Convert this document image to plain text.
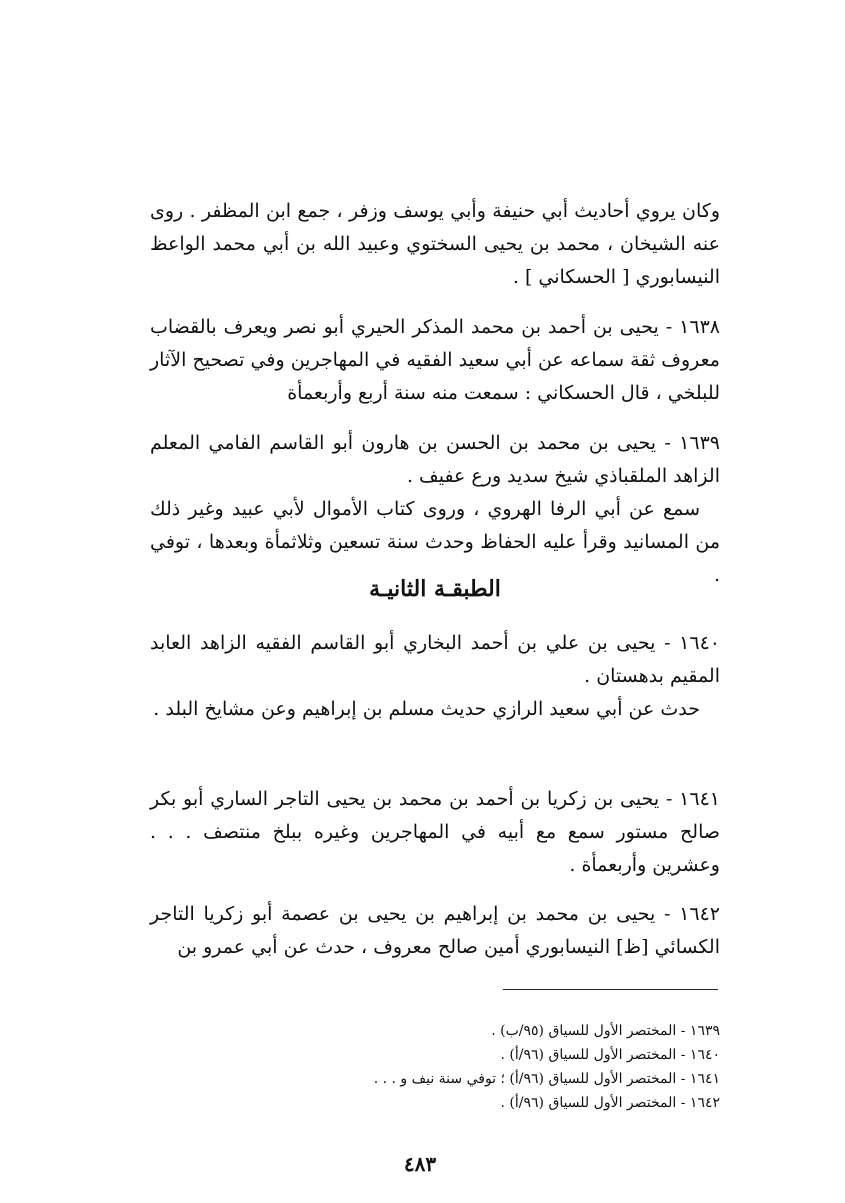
وكان يروي أحاديث أبي حنيفة وأبي يوسف وزفر ، جمع ابن المظفر . روى عنه الشيخان ، محمد بن يحيى السختوي وعبيد الله بن أبي محمد الواعظ النيسابوري [ الحسكاني ] .

١٦٣٨ - يحيى بن أحمد بن محمد المذكر الحيري أبو نصر ويعرف بالقضاب معروف ثقة سماعه عن أبي سعيد الفقيه في المهاجرين وفي تصحيح الآثار للبلخي ، قال الحسكاني : سمعت منه سنة أربع وأربعمأة

١٦٣٩ - يحيى بن محمد بن الحسن بن هارون أبو القاسم الفامي المعلم الزاهد الملقباذي شيخ سديد ورع عفيف .

سمع عن أبي الرفا الهروي ، وروى كتاب الأموال لأبي عبيد وغير ذلك من المسانيد وقرأ عليه الحفاظ وحدث سنة تسعين وثلاثمأة وبعدها ، توفي .

الطبقـة الثانيـة

١٦٤٠ - يحيى بن علي بن أحمد البخاري أبو القاسم الفقيه الزاهد العابد المقيم بدهستان .

حدث عن أبي سعيد الرازي حديث مسلم بن إبراهيم وعن مشايخ البلد .

١٦٤١ - يحيى بن زكريا بن أحمد بن محمد بن يحيى التاجر الساري أبو بكر صالح مستور سمع مع أبيه في المهاجرين وغيره ببلخ منتصف . . . وعشرين وأربعمأة .

١٦٤٢ - يحيى بن محمد بن إبراهيم بن يحيى بن عصمة أبو زكريا التاجر الكسائي [ظ] النيسابوري أمين صالح معروف ، حدث عن أبي عمرو بن

١٦٣٩ - المختصر الأول للسياق (٩٥/ب) .
١٦٤٠ - المختصر الأول للسياق (٩٦/أ) .
١٦٤١ - المختصر الأول للسياق (٩٦/أ) ؛ توفي سنة نيف و . . .
١٦٤٢ - المختصر الأول للسياق (٩٦/أ) .
٤٨٣
